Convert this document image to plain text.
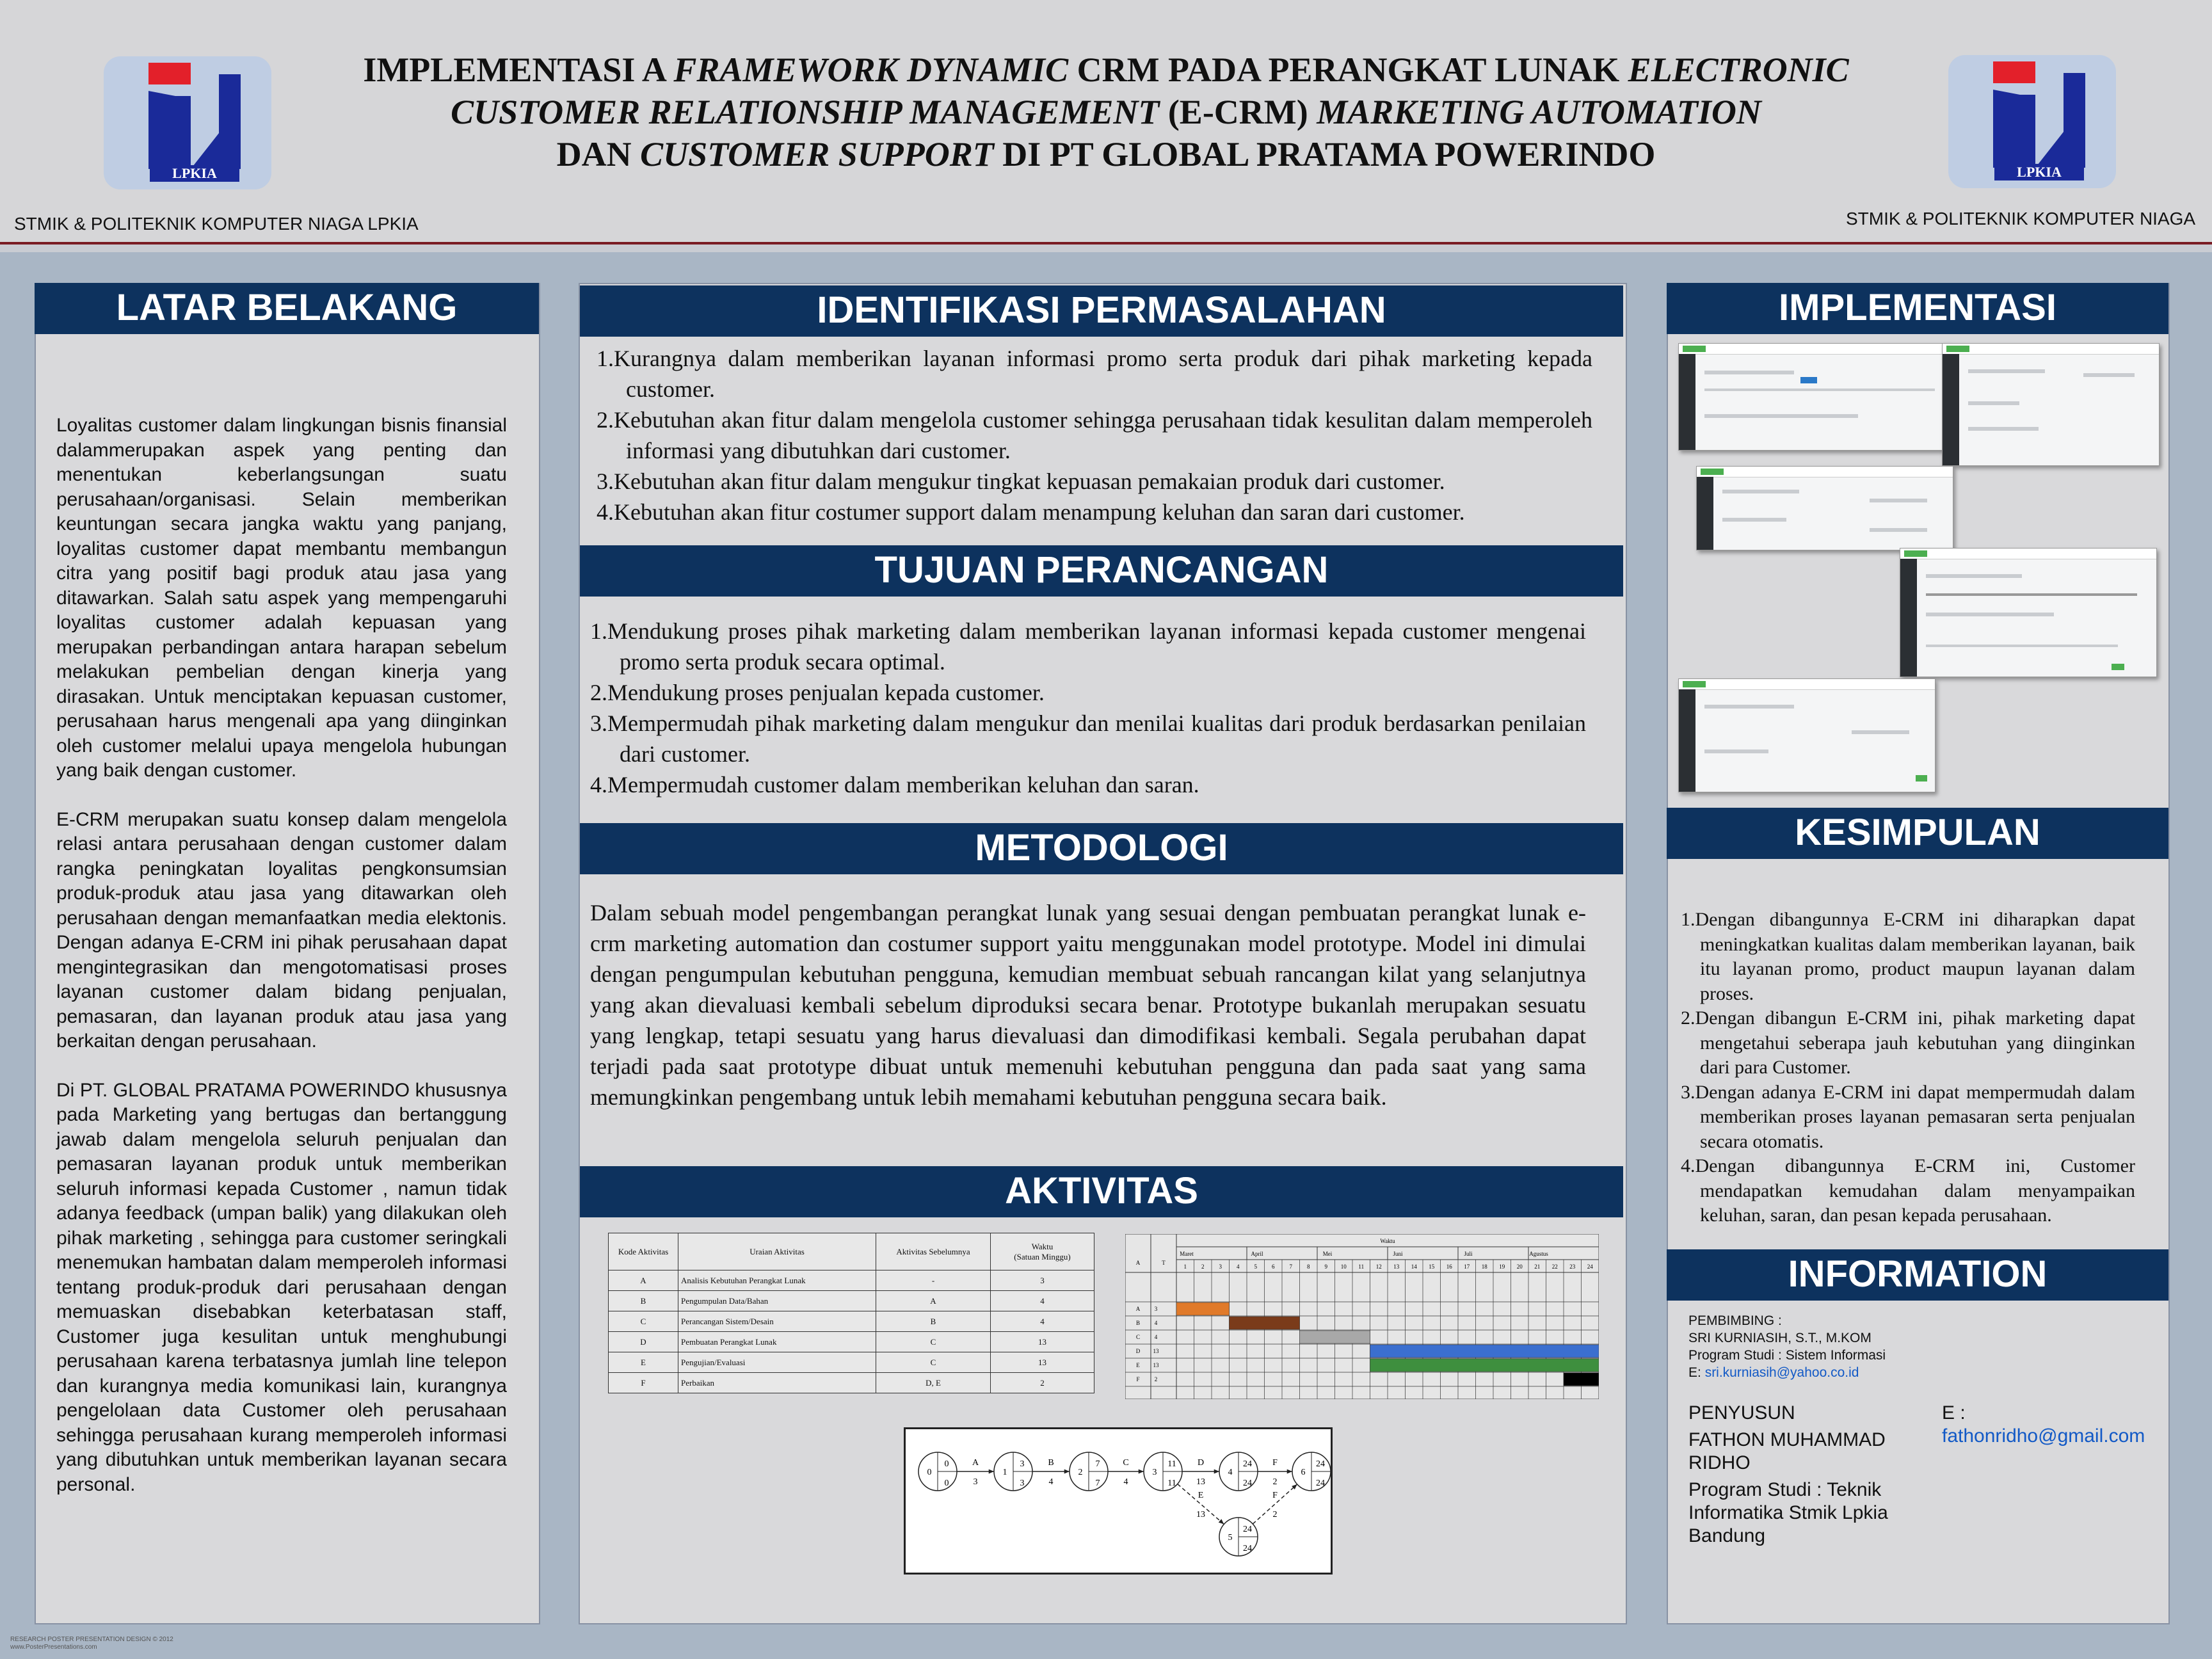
LPKIA	LPKIA
IMPLEMENTASI A FRAMEWORK DYNAMIC CRM PADA PERANGKAT LUNAK ELECTRONIC
CUSTOMER RELATIONSHIP MANAGEMENT (E-CRM) MARKETING AUTOMATION
DAN CUSTOMER SUPPORT DI PT GLOBAL PRATAMA POWERINDO
STMIK & POLITEKNIK KOMPUTER NIAGA LPKIA	STMIK & POLITEKNIK KOMPUTER NIAGA
LATAR BELAKANG

Loyalitas customer dalam lingkungan bisnis finansial dalammerupakan aspek yang penting dan menentukan keberlangsungan suatu perusahaan/organisasi. Selain memberikan keuntungan secara jangka waktu yang panjang, loyalitas customer dapat membantu membangun citra yang positif bagi produk atau jasa yang ditawarkan. Salah satu aspek yang mempengaruhi loyalitas customer adalah kepuasan yang merupakan perbandingan antara harapan sebelum melakukan pembelian dengan kinerja yang dirasakan. Untuk menciptakan kepuasan customer, perusahaan harus mengenali apa yang diinginkan oleh customer melalui upaya mengelola hubungan yang baik dengan customer.

E-CRM merupakan suatu konsep dalam mengelola relasi antara perusahaan dengan customer dalam rangka peningkatan loyalitas pengkonsumsian produk-produk atau jasa yang ditawarkan oleh perusahaan dengan memanfaatkan media elektonis. Dengan adanya E-CRM ini pihak perusahaan dapat mengintegrasikan dan mengotomatisasi proses layanan customer dalam bidang penjualan, pemasaran, dan layanan produk atau jasa yang berkaitan dengan perusahaan.

Di PT. GLOBAL PRATAMA POWERINDO khususnya pada Marketing yang bertugas dan bertanggung jawab dalam mengelola seluruh penjualan dan pemasaran layanan produk untuk memberikan seluruh informasi kepada Customer , namun tidak adanya feedback (umpan balik) yang dilakukan oleh pihak marketing , sehingga para customer seringkali menemukan hambatan dalam memperoleh informasi tentang produk-produk dari perusahaan dengan memuaskan disebabkan keterbatasan staff, Customer juga kesulitan untuk menghubungi perusahaan karena terbatasnya jumlah line telepon dan kurangnya media komunikasi lain, kurangnya pengelolaan data Customer oleh perusahaan sehingga perusahaan kurang memperoleh informasi yang dibutuhkan untuk memberikan layanan secara personal.

IDENTIFIKASI PERMASALAHAN
1.Kurangnya dalam memberikan layanan informasi promo serta produk dari pihak marketing kepada customer.
2.Kebutuhan akan fitur dalam mengelola customer sehingga perusahaan tidak kesulitan dalam memperoleh informasi yang dibutuhkan dari customer.
3.Kebutuhan akan fitur dalam mengukur tingkat kepuasan pemakaian produk dari customer.
4.Kebutuhan akan fitur costumer support dalam menampung keluhan dan saran dari customer.
TUJUAN PERANCANGAN
1.Mendukung proses pihak marketing dalam memberikan layanan informasi kepada customer mengenai promo serta produk secara optimal.
2.Mendukung proses penjualan kepada customer.
3.Mempermudah pihak marketing dalam mengukur dan menilai kualitas dari produk berdasarkan penilaian dari customer.
4.Mempermudah customer dalam memberikan keluhan dan saran.
METODOLOGI

Dalam sebuah model pengembangan perangkat lunak yang sesuai dengan pembuatan perangkat lunak e-crm marketing automation dan costumer support yaitu menggunakan model prototype. Model ini dimulai dengan pengumpulan kebutuhan pengguna, kemudian membuat sebuah rancangan kilat yang selanjutnya yang akan dievaluasi kembali sebelum diproduksi secara benar. Prototype bukanlah merupakan sesuatu yang lengkap, tetapi sesuatu yang harus dievaluasi dan dimodifikasi kembali. Segala perubahan dapat terjadi pada saat prototype dibuat untuk memenuhi kebutuhan pengguna dan pada saat yang sama memungkinkan pengembang untuk lebih memahami kebutuhan pengguna secara baik.

AKTIVITAS
Kode Aktivitas	Uraian Aktivitas	Aktivitas Sebelumnya	Waktu
(Satuan Minggu)

A	Analisis Kebutuhan Perangkat Lunak	-	3
B	Pengumpulan Data/Bahan	A	4
C	Perancangan Sistem/Desain	B	4
D	Pembuatan Perangkat Lunak	C	13
E	Pengujian/Evaluasi	C	13
F	Perbaikan	D, E	2
A	T
Waktu
Maret	April	Mei	Juni	Juli	Agustus
1	2	3	4	5	6	7	8	9 10 11 12 13 14 15 16 17 18 19 20 21 22 23 24
A	3
B	4
C	4
D 13
E 13
F	2
A
3
B
4
C
4
D
13
F
2
E
13
F
2
0
0
0
1
3
3
2
7
7
3
11
11
4
24
24
6
24
24
5
24
24
IMPLEMENTASI
KESIMPULAN
1.Dengan dibangunnya E-CRM ini diharapkan dapat meningkatkan kualitas dalam memberikan layanan, baik itu layanan promo, product maupun layanan dalam proses.
2.Dengan dibangun E-CRM ini, pihak marketing dapat mengetahui seberapa jauh kebutuhan yang diinginkan dari para Customer.
3.Dengan adanya E-CRM ini dapat mempermudah dalam memberikan proses layanan pemasaran serta penjualan secara otomatis.
4.Dengan dibangunnya E-CRM ini, Customer mendapatkan kemudahan dalam menyampaikan keluhan, saran, dan pesan kepada perusahaan.
INFORMATION
PEMBIMBING :
SRI KURNIASIH, S.T., M.KOM
Program Studi : Sistem Informasi
E: sri.kurniasih@yahoo.co.id
PENYUSUN
FATHON MUHAMMAD RIDHO
Program Studi : Teknik Informatika Stmik Lpkia Bandung
E :
fathonridho@gmail.com
RESEARCH POSTER PRESENTATION DESIGN © 2012
www.PosterPresentations.com
